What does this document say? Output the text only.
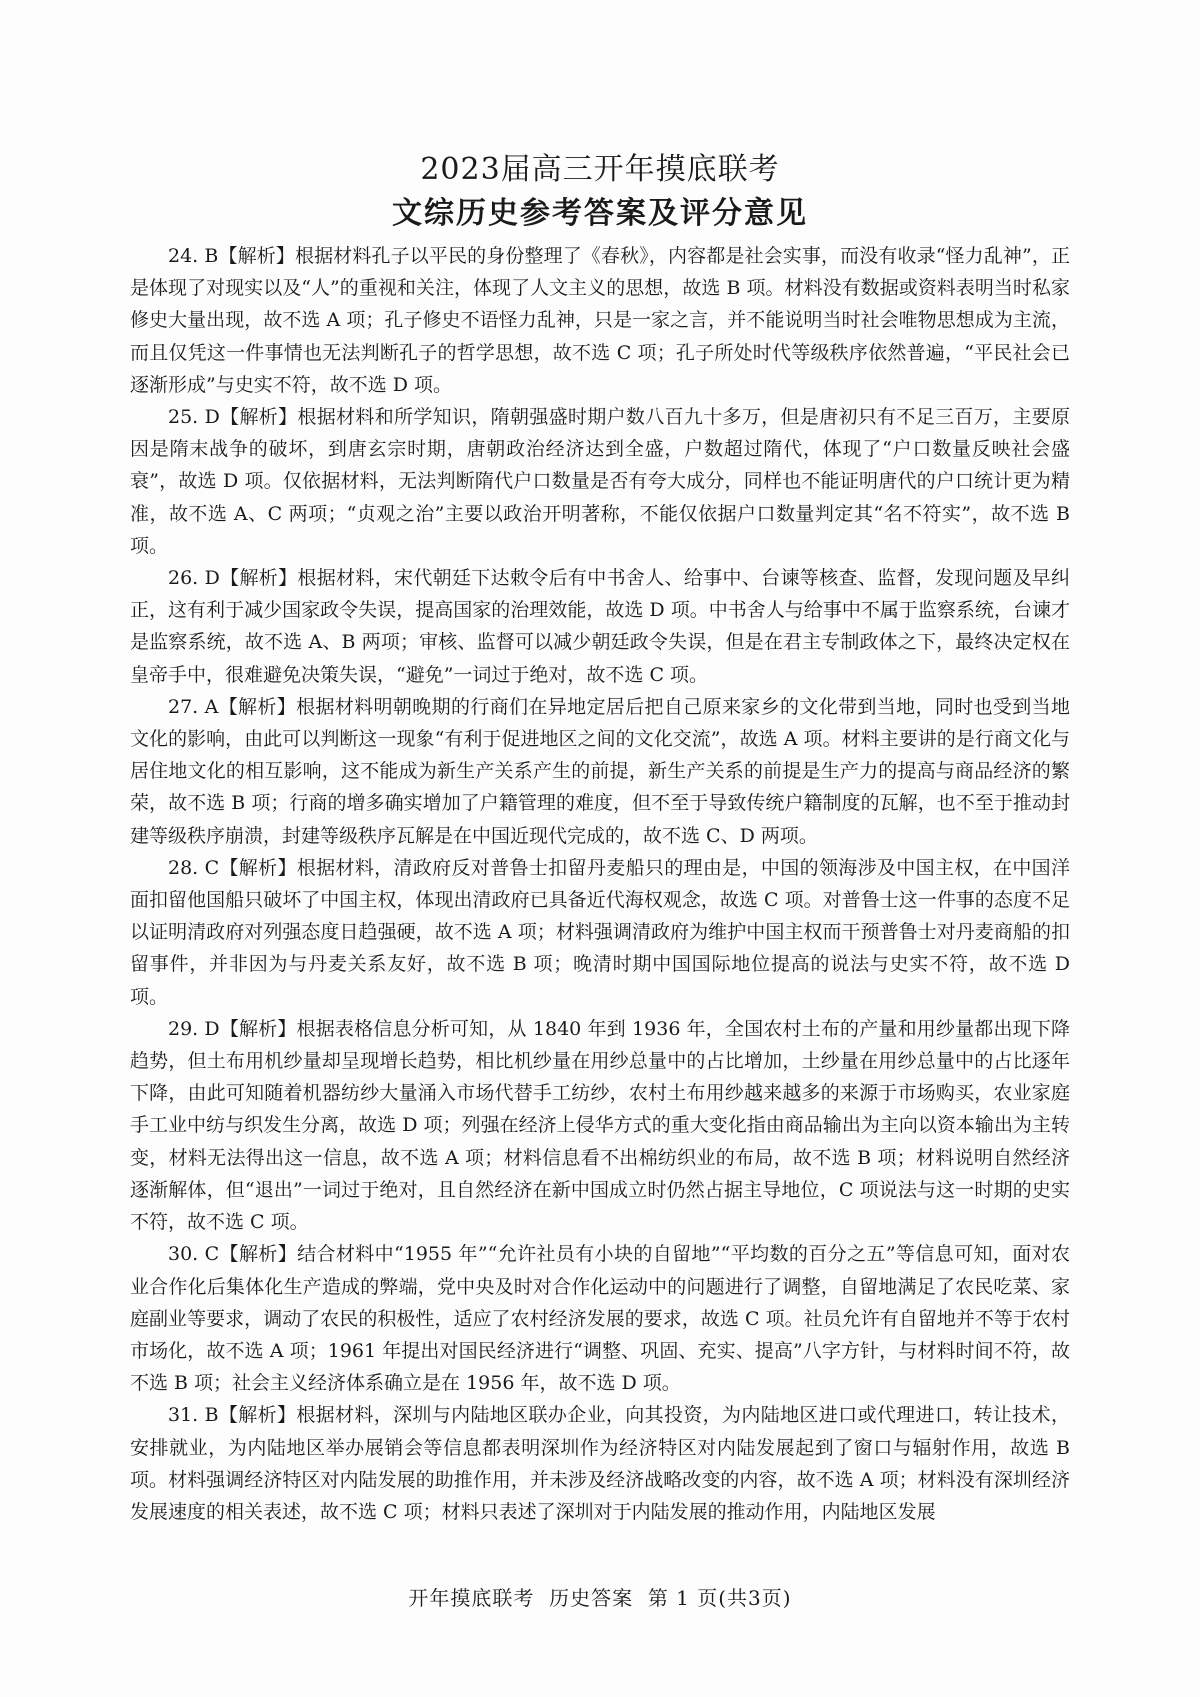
2023届高三开年摸底联考
文综历史参考答案及评分意见

24. B【解析】根据材料孔子以平民的身份整理了《春秋》，内容都是社会实事，而没有收录“怪力乱神”，正是体现了对现实以及“人”的重视和关注，体现了人文主义的思想，故选 B 项。材料没有数据或资料表明当时私家修史大量出现，故不选 A 项；孔子修史不语怪力乱神，只是一家之言，并不能说明当时社会唯物思想成为主流，而且仅凭这一件事情也无法判断孔子的哲学思想，故不选 C 项；孔子所处时代等级秩序依然普遍，“平民社会已逐渐形成”与史实不符，故不选 D 项。

25. D【解析】根据材料和所学知识，隋朝强盛时期户数八百九十多万，但是唐初只有不足三百万，主要原因是隋末战争的破坏，到唐玄宗时期，唐朝政治经济达到全盛，户数超过隋代，体现了“户口数量反映社会盛衰”，故选 D 项。仅依据材料，无法判断隋代户口数量是否有夸大成分，同样也不能证明唐代的户口统计更为精准，故不选 A、C 两项；“贞观之治”主要以政治开明著称，不能仅依据户口数量判定其“名不符实”，故不选 B 项。

26. D【解析】根据材料，宋代朝廷下达敕令后有中书舍人、给事中、台谏等核查、监督，发现问题及早纠正，这有利于减少国家政令失误，提高国家的治理效能，故选 D 项。中书舍人与给事中不属于监察系统，台谏才是监察系统，故不选 A、B 两项；审核、监督可以减少朝廷政令失误，但是在君主专制政体之下，最终决定权在皇帝手中，很难避免决策失误，“避免”一词过于绝对，故不选 C 项。

27. A【解析】根据材料明朝晚期的行商们在异地定居后把自己原来家乡的文化带到当地，同时也受到当地文化的影响，由此可以判断这一现象“有利于促进地区之间的文化交流”，故选 A 项。材料主要讲的是行商文化与居住地文化的相互影响，这不能成为新生产关系产生的前提，新生产关系的前提是生产力的提高与商品经济的繁荣，故不选 B 项；行商的增多确实增加了户籍管理的难度，但不至于导致传统户籍制度的瓦解，也不至于推动封建等级秩序崩溃，封建等级秩序瓦解是在中国近现代完成的，故不选 C、D 两项。

28. C【解析】根据材料，清政府反对普鲁士扣留丹麦船只的理由是，中国的领海涉及中国主权，在中国洋面扣留他国船只破坏了中国主权，体现出清政府已具备近代海权观念，故选 C 项。对普鲁士这一件事的态度不足以证明清政府对列强态度日趋强硬，故不选 A 项；材料强调清政府为维护中国主权而干预普鲁士对丹麦商船的扣留事件，并非因为与丹麦关系友好，故不选 B 项；晚清时期中国国际地位提高的说法与史实不符，故不选 D 项。

29. D【解析】根据表格信息分析可知，从 1840 年到 1936 年，全国农村土布的产量和用纱量都出现下降趋势，但土布用机纱量却呈现增长趋势，相比机纱量在用纱总量中的占比增加，土纱量在用纱总量中的占比逐年下降，由此可知随着机器纺纱大量涌入市场代替手工纺纱，农村土布用纱越来越多的来源于市场购买，农业家庭手工业中纺与织发生分离，故选 D 项；列强在经济上侵华方式的重大变化指由商品输出为主向以资本输出为主转变，材料无法得出这一信息，故不选 A 项；材料信息看不出棉纺织业的布局，故不选 B 项；材料说明自然经济逐渐解体，但“退出”一词过于绝对，且自然经济在新中国成立时仍然占据主导地位，C 项说法与这一时期的史实不符，故不选 C 项。

30. C【解析】结合材料中“1955 年”“允许社员有小块的自留地”“平均数的百分之五”等信息可知，面对农业合作化后集体化生产造成的弊端，党中央及时对合作化运动中的问题进行了调整，自留地满足了农民吃菜、家庭副业等要求，调动了农民的积极性，适应了农村经济发展的要求，故选 C 项。社员允许有自留地并不等于农村市场化，故不选 A 项；1961 年提出对国民经济进行“调整、巩固、充实、提高”八字方针，与材料时间不符，故不选 B 项；社会主义经济体系确立是在 1956 年，故不选 D 项。

31. B【解析】根据材料，深圳与内陆地区联办企业，向其投资，为内陆地区进口或代理进口，转让技术，安排就业，为内陆地区举办展销会等信息都表明深圳作为经济特区对内陆发展起到了窗口与辐射作用，故选 B 项。材料强调经济特区对内陆发展的助推作用，并未涉及经济战略改变的内容，故不选 A 项；材料没有深圳经济发展速度的相关表述，故不选 C 项；材料只表述了深圳对于内陆发展的推动作用，内陆地区发展

开年摸底联考  历史答案  第 1 页(共3页)
